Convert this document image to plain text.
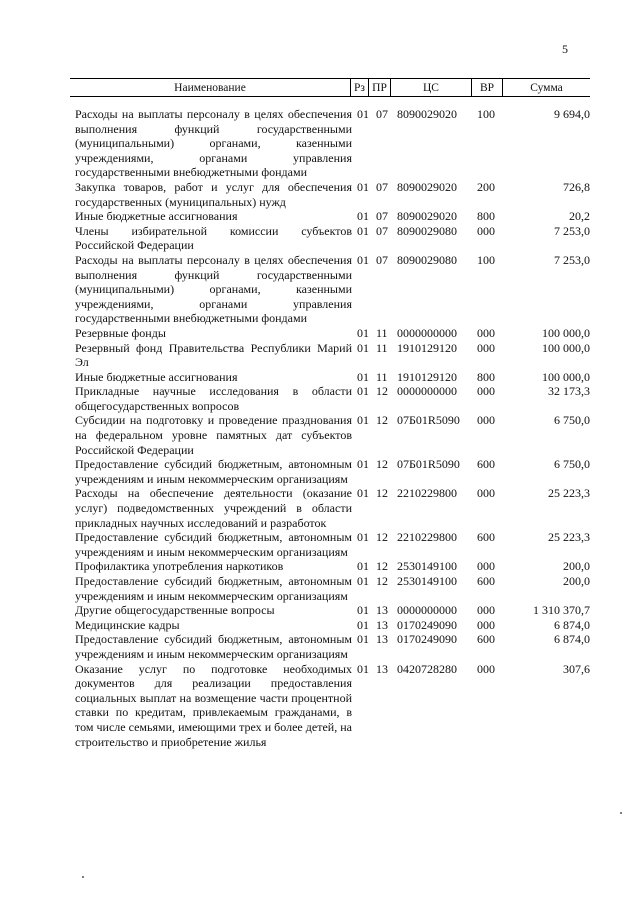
5
Наименование	Рз	ПР	ЦС	ВР	Сумма
Расходы на выплаты персоналу в целях обеспечения выполнения функций государственными (муниципальными) органами, казенными учреждениями, органами управления государственными внебюджетными фондами
01 07 8090029020 100	9 694,0
Закупка товаров, работ и услуг для обеспечения государственных (муниципальных) нужд
01 07 8090029020 200	726,8
Иные бюджетные ассигнования	01 07 8090029020 800	20,2
Члены избирательной комиссии субъектов Российской Федерации
01 07 8090029080 000	7 253,0
Расходы на выплаты персоналу в целях обеспечения выполнения функций государственными (муниципальными) органами, казенными учреждениями, органами управления государственными внебюджетными фондами
01 07 8090029080 100	7 253,0
Резервные фонды	01 11 0000000000 000	100 000,0
Резервный фонд Правительства Республики Марий Эл
01 11 1910129120 000	100 000,0
Иные бюджетные ассигнования	01 11 1910129120 800	100 000,0
Прикладные научные исследования в области общегосударственных вопросов
01 12 0000000000 000	32 173,3
Субсидии на подготовку и проведение празднования на федеральном уровне памятных дат субъектов Российской Федерации
01 12 07Б01R5090 000	6 750,0
Предоставление субсидий бюджетным, автономным учреждениям и иным некоммерческим организациям
01 12 07Б01R5090 600	6 750,0
Расходы на обеспечение деятельности (оказание услуг) подведомственных учреждений в области прикладных научных исследований и разработок
01 12 2210229800 000	25 223,3
Предоставление субсидий бюджетным, автономным учреждениям и иным некоммерческим организациям
01 12 2210229800 600	25 223,3
Профилактика употребления наркотиков	01 12 2530149100 000	200,0
Предоставление субсидий бюджетным, автономным учреждениям и иным некоммерческим организациям
01 12 2530149100 600	200,0
Другие общегосударственные вопросы	01 13 0000000000 000	1 310 370,7
Медицинские кадры	01 13 0170249090 000	6 874,0
Предоставление субсидий бюджетным, автономным учреждениям и иным некоммерческим организациям
01 13 0170249090 600	6 874,0
Оказание услуг по подготовке необходимых документов для реализации предоставления социальных выплат на возмещение части процентной ставки по кредитам, привлекаемым гражданами, в том числе семьями, имеющими трех и более детей, на строительство и приобретение жилья
01 13 0420728280 000	307,6
